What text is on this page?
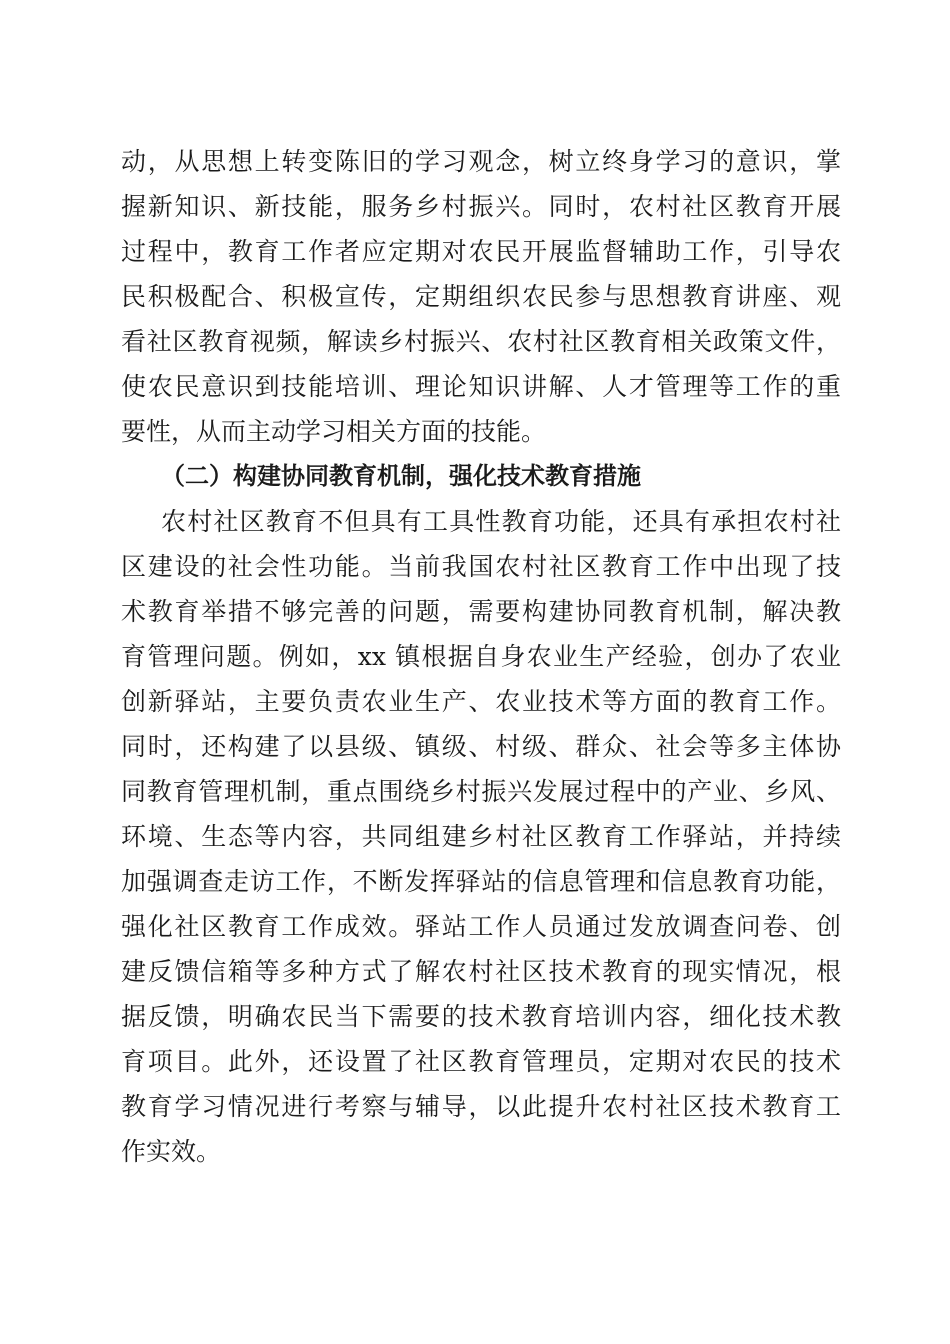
动，从思想上转变陈旧的学习观念，树立终身学习的意识，掌

握新知识、新技能，服务乡村振兴。同时，农村社区教育开展

过程中，教育工作者应定期对农民开展监督辅助工作，引导农

民积极配合、积极宣传，定期组织农民参与思想教育讲座、观

看社区教育视频，解读乡村振兴、农村社区教育相关政策文件，

使农民意识到技能培训、理论知识讲解、人才管理等工作的重

要性，从而主动学习相关方面的技能。

（二）构建协同教育机制，强化技术教育措施

农村社区教育不但具有工具性教育功能，还具有承担农村社

区建设的社会性功能。当前我国农村社区教育工作中出现了技

术教育举措不够完善的问题，需要构建协同教育机制，解决教

育管理问题。例如，xx 镇根据自身农业生产经验，创办了农业

创新驿站，主要负责农业生产、农业技术等方面的教育工作。

同时，还构建了以县级、镇级、村级、群众、社会等多主体协

同教育管理机制，重点围绕乡村振兴发展过程中的产业、乡风、

环境、生态等内容，共同组建乡村社区教育工作驿站，并持续

加强调查走访工作，不断发挥驿站的信息管理和信息教育功能，

强化社区教育工作成效。驿站工作人员通过发放调查问卷、创

建反馈信箱等多种方式了解农村社区技术教育的现实情况，根

据反馈，明确农民当下需要的技术教育培训内容，细化技术教

育项目。此外，还设置了社区教育管理员，定期对农民的技术

教育学习情况进行考察与辅导，以此提升农村社区技术教育工

作实效。
